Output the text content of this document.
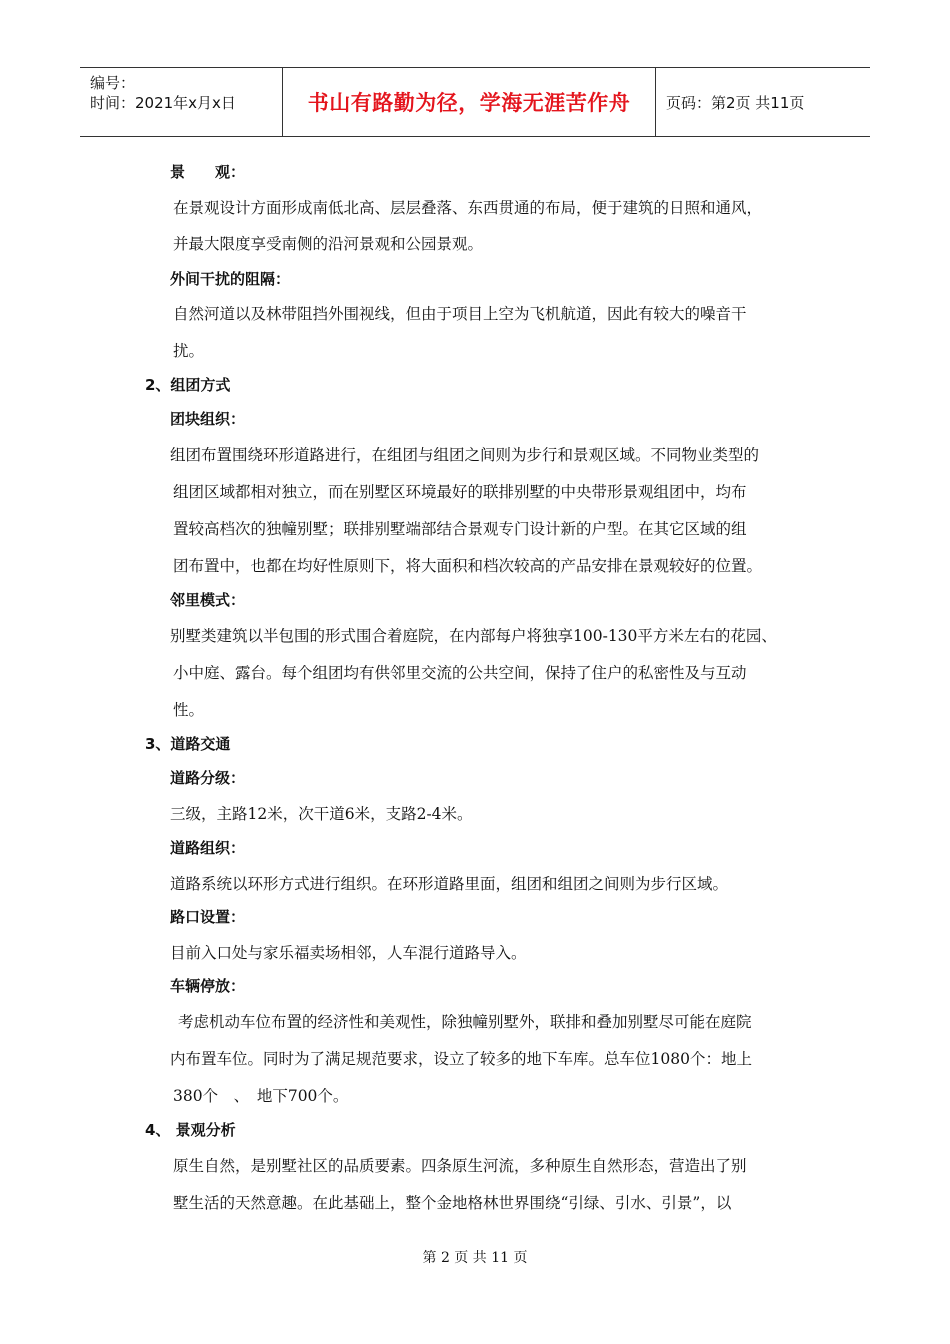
编号：
时间：2021年x月x日	书山有路勤为径，学海无涯苦作舟	页码：第2页 共11页
景　　观：
在景观设计方面形成南低北高、层层叠落、东西贯通的布局，便于建筑的日照和通风，
并最大限度享受南侧的沿河景观和公园景观。
外间干扰的阻隔：
自然河道以及林带阻挡外围视线，但由于项目上空为飞机航道，因此有较大的噪音干
扰。
2、组团方式
团块组织：
组团布置围绕环形道路进行，在组团与组团之间则为步行和景观区域。不同物业类型的
组团区域都相对独立，而在别墅区环境最好的联排别墅的中央带形景观组团中，均布
置较高档次的独幢别墅；联排别墅端部结合景观专门设计新的户型。在其它区域的组
团布置中，也都在均好性原则下，将大面积和档次较高的产品安排在景观较好的位置。
邻里模式：
别墅类建筑以半包围的形式围合着庭院，在内部每户将独享100-130平方米左右的花园、
小中庭、露台。每个组团均有供邻里交流的公共空间，保持了住户的私密性及与互动
性。
3、道路交通
道路分级：
三级，主路12米，次干道6米，支路2-4米。
道路组织：
道路系统以环形方式进行组织。在环形道路里面，组团和组团之间则为步行区域。
路口设置：
目前入口处与家乐福卖场相邻，人车混行道路导入。
车辆停放：
考虑机动车位布置的经济性和美观性，除独幢别墅外，联排和叠加别墅尽可能在庭院
内布置车位。同时为了满足规范要求，设立了较多的地下车库。总车位1080个：地上
380个　、　地下700个。
4、 景观分析
原生自然，是别墅社区的品质要素。四条原生河流，多种原生自然形态，营造出了别
墅生活的天然意趣。在此基础上，整个金地格林世界围绕“引绿、引水、引景”，以
第 2 页 共 11 页
